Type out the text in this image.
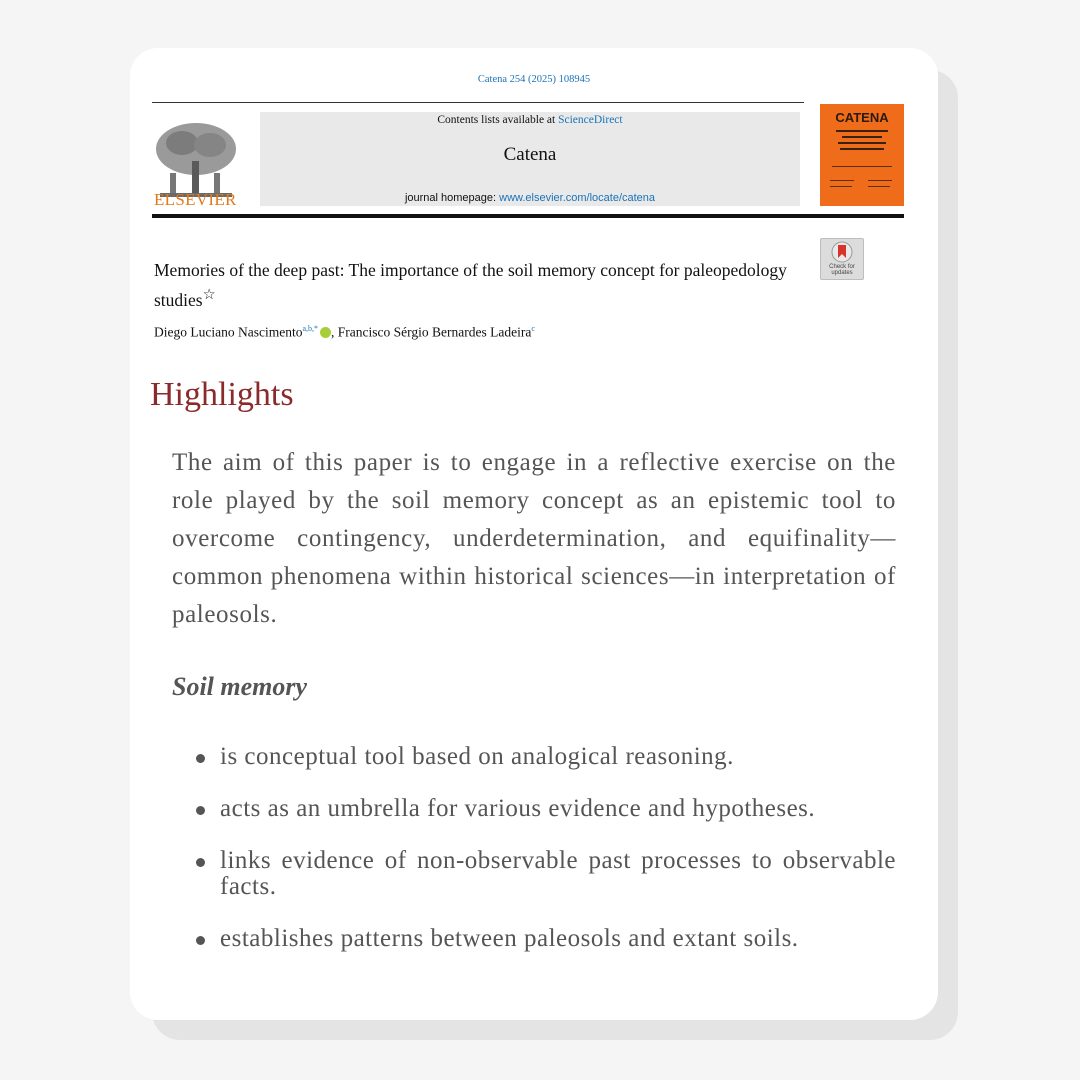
Catena 254 (2025) 108945
ELSEVIER
Contents lists available at ScienceDirect
Catena
journal homepage: www.elsevier.com/locate/catena
CATENA
Check for updates
Memories of the deep past: The importance of the soil memory concept for paleopedology studies☆
Diego Luciano Nascimento$^{a,b,*}$ , Francisco Sérgio Bernardes Ladeira$^c$
Highlights
The aim of this paper is to engage in a reflective exercise on the role played by the soil memory concept as an epistemic tool to overcome contingency, underdetermination, and equifinality—common phenomena within historical sciences—in interpretation of paleosols.
Soil memory
is conceptual tool based on analogical reasoning.
acts as an umbrella for various evidence and hypotheses.
links evidence of non-observable past processes to observable facts.
establishes patterns between paleosols and extant soils.
